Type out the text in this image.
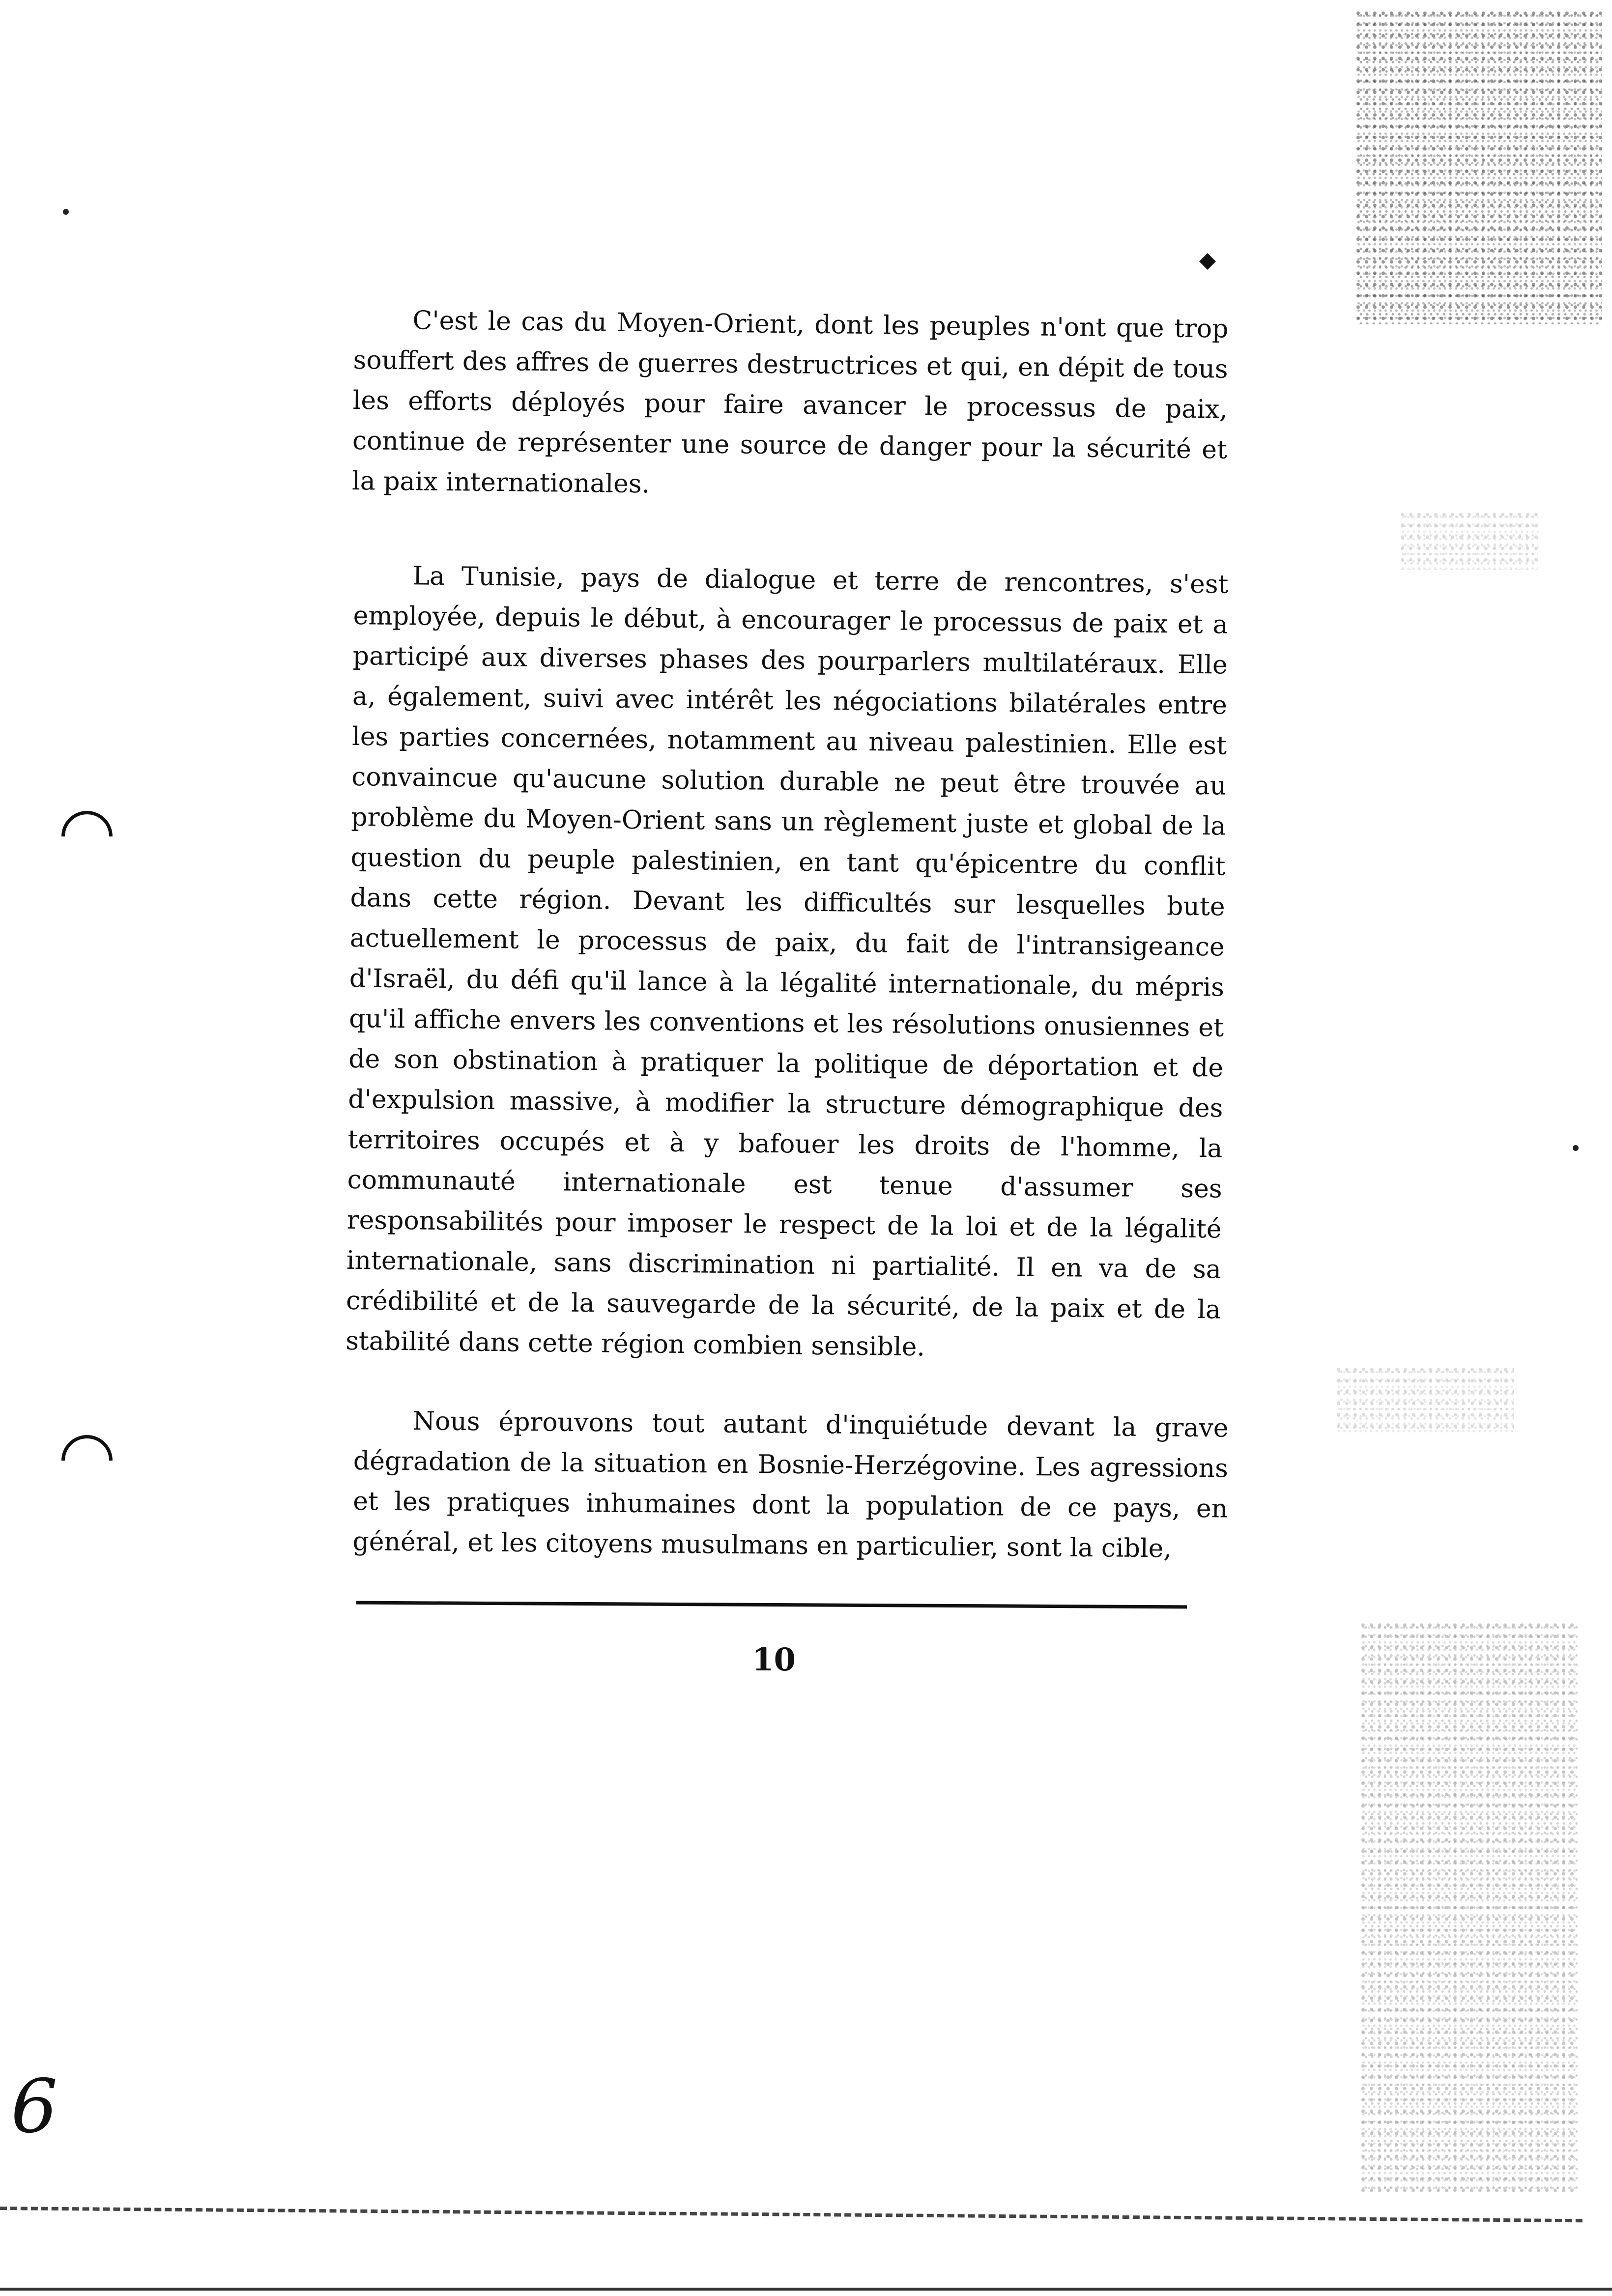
C'est le cas du Moyen-Orient, dont les peuples n'ont que trop souffert des affres de guerres destructrices et qui, en dépit de tous les efforts déployés pour faire avancer le processus de paix, continue de représenter une source de danger pour la sécurité et la paix internationales.

La Tunisie, pays de dialogue et terre de rencontres, s'est employée, depuis le début, à encourager le processus de paix et a participé aux diverses phases des pourparlers multilatéraux. Elle a, également, suivi avec intérêt les négociations bilatérales entre les parties concernées, notamment au niveau palestinien. Elle est convaincue qu'aucune solution durable ne peut être trouvée au problème du Moyen-Orient sans un règlement juste et global de la question du peuple palestinien, en tant qu'épicentre du conflit dans cette région. Devant les difficultés sur lesquelles bute actuellement le processus de paix, du fait de l'intransigeance d'Israël, du défi qu'il lance à la légalité internationale, du mépris qu'il affiche envers les conventions et les résolutions onusiennes et de son obstination à pratiquer la politique de déportation et de d'expulsion massive, à modifier la structure démographique des territoires occupés et à y bafouer les droits de l'homme, la communauté internationale est tenue d'assumer ses responsabilités pour imposer le respect de la loi et de la légalité internationale, sans discrimination ni partialité. Il en va de sa crédibilité et de la sauvegarde de la sécurité, de la paix et de la stabilité dans cette région combien sensible.

Nous éprouvons tout autant d'inquiétude devant la grave dégradation de la situation en Bosnie-Herzégovine. Les agressions et les pratiques inhumaines dont la population de ce pays, en général, et les citoyens musulmans en particulier, sont la cible,

10

6
